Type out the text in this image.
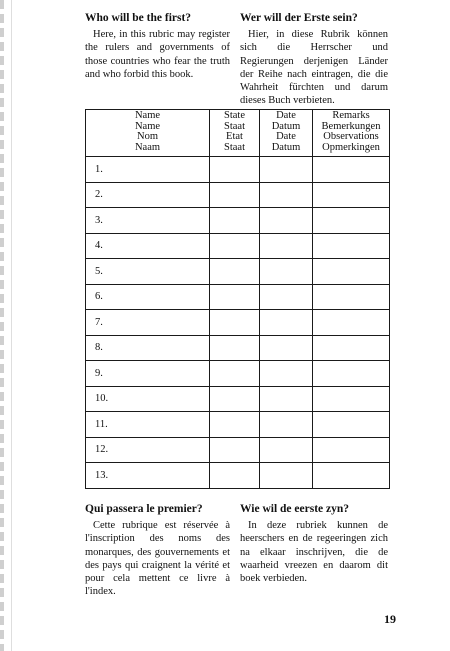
Who will be the first?

Here, in this rubric may register the rulers and governments of those countries who fear the truth and who forbid this book.

Wer will der Erste sein?

Hier, in diese Rubrik können sich die Herrscher und Regierungen derjenigen Länder der Reihe nach eintragen, die die Wahrheit fürchten und darum dieses Buch verbieten.

Name
Name
Nom
Naam	State
Staat
Etat
Staat	Date
Datum
Date
Datum	Remarks
Bemerkungen
Observations
Opmerkingen

1.			
2.			
3.			
4.			
5.			
6.			
7.			
8.			
9.			
10.			
11.			
12.			
13.			
Qui passera le premier?

Cette rubrique est réservée à l'inscription des noms des monarques, des gouvernements et des pays qui craignent la vérité et pour cela mettent ce livre à l'index.

Wie wil de eerste zyn?

In deze rubriek kunnen de heerschers en de regeeringen zich na elkaar inschrijven, die de waarheid vreezen en daarom dit boek verbieden.

19
